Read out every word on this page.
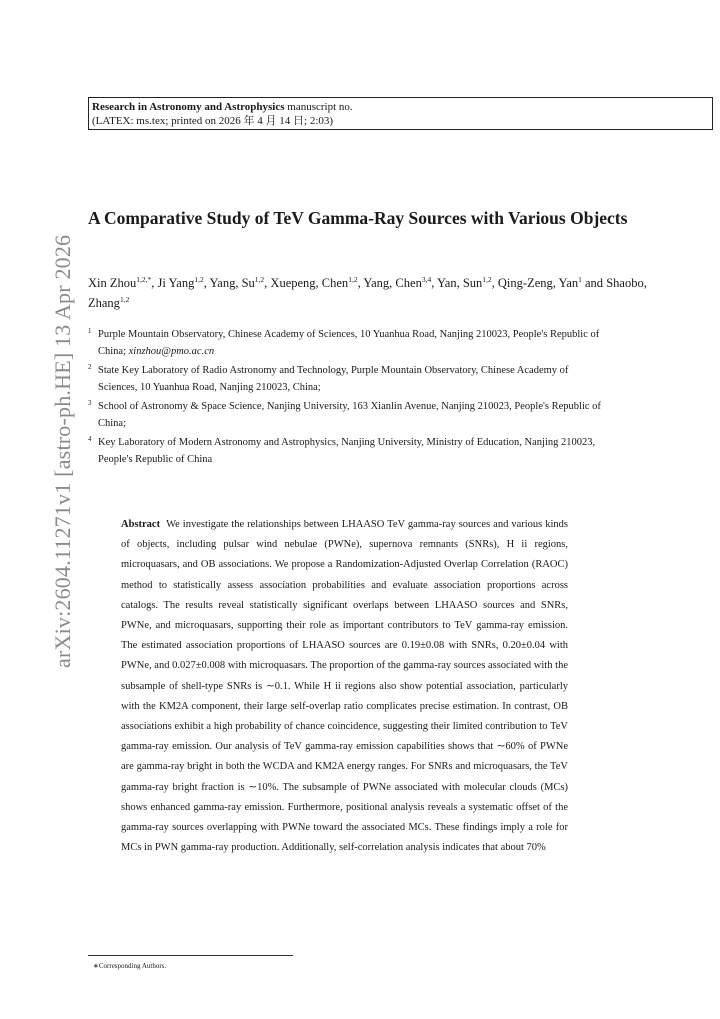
arXiv:2604.11271v1 [astro-ph.HE] 13 Apr 2026
Research in Astronomy and Astrophysics manuscript no.
(LATEX: ms.tex; printed on 2026 年 4 月 14 日; 2:03)
A Comparative Study of TeV Gamma-Ray Sources with Various Objects
Xin Zhou$^{1,2,*}$, Ji Yang$^{1,2}$, Yang, Su$^{1,2}$, Xuepeng, Chen$^{1,2}$, Yang, Chen$^{3,4}$, Yan, Sun$^{1,2}$, Qing-Zeng, Yan$^1$ and Shaobo, Zhang$^{1,2}$
1 Purple Mountain Observatory, Chinese Academy of Sciences, 10 Yuanhua Road, Nanjing 210023, People's Republic of China; xinzhou@pmo.ac.cn
2 State Key Laboratory of Radio Astronomy and Technology, Purple Mountain Observatory, Chinese Academy of Sciences, 10 Yuanhua Road, Nanjing 210023, China;
3 School of Astronomy & Space Science, Nanjing University, 163 Xianlin Avenue, Nanjing 210023, People's Republic of China;
4 Key Laboratory of Modern Astronomy and Astrophysics, Nanjing University, Ministry of Education, Nanjing 210023, People's Republic of China
Abstract We investigate the relationships between LHAASO TeV gamma-ray sources and various kinds of objects, including pulsar wind nebulae (PWNe), supernova remnants (SNRs), H ii regions, microquasars, and OB associations. We propose a Randomization-Adjusted Overlap Correlation (RAOC) method to statistically assess association probabilities and evaluate association proportions across catalogs. The results reveal statistically significant overlaps between LHAASO sources and SNRs, PWNe, and microquasars, supporting their role as important contributors to TeV gamma-ray emission. The estimated association proportions of LHAASO sources are 0.19±0.08 with SNRs, 0.20±0.04 with PWNe, and 0.027±0.008 with microquasars. The proportion of the gamma-ray sources associated with the subsample of shell-type SNRs is ∼0.1. While H ii regions also show potential association, particularly with the KM2A component, their large self-overlap ratio complicates precise estimation. In contrast, OB associations exhibit a high probability of chance coincidence, suggesting their limited contribution to TeV gamma-ray emission. Our analysis of TeV gamma-ray emission capabilities shows that ∼60% of PWNe are gamma-ray bright in both the WCDA and KM2A energy ranges. For SNRs and microquasars, the TeV gamma-ray bright fraction is ∼10%. The subsample of PWNe associated with molecular clouds (MCs) shows enhanced gamma-ray emission. Furthermore, positional analysis reveals a systematic offset of the gamma-ray sources overlapping with PWNe toward the associated MCs. These findings imply a role for MCs in PWN gamma-ray production. Additionally, self-correlation analysis indicates that about 70%
∗Corresponding Authors.
